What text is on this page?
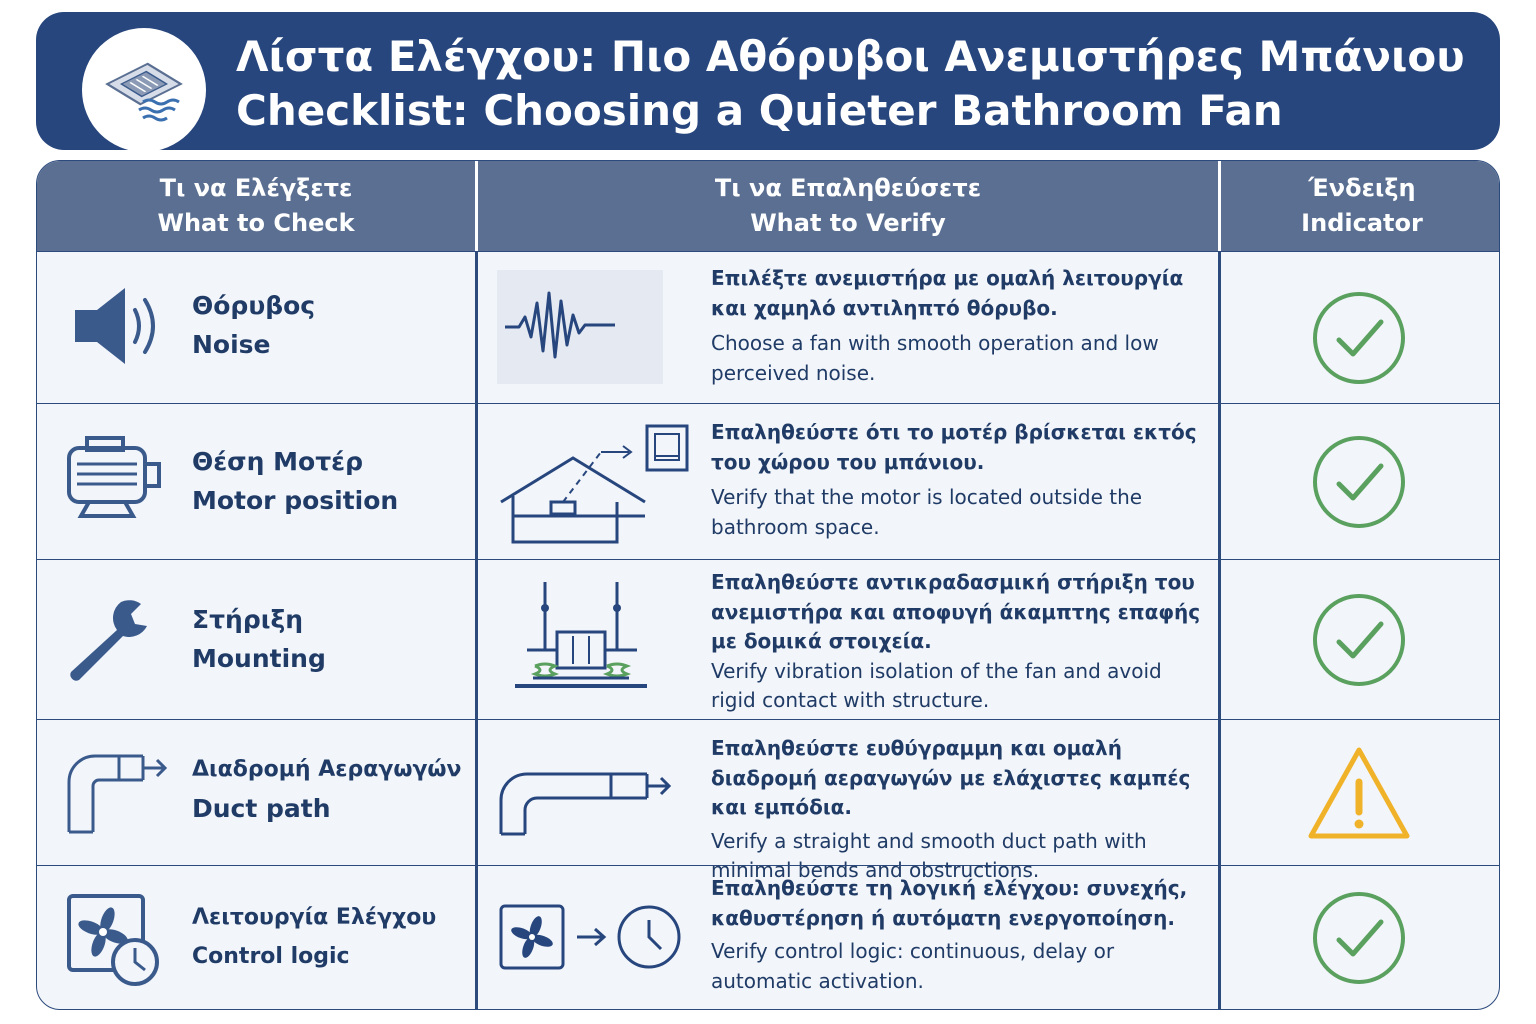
Λίστα Ελέγχου: Πιο Αθόρυβοι Ανεμιστήρες Μπάνιου
Checklist: Choosing a Quieter Bathroom Fan
Τι να Ελέγξετε
What to Check
Τι να Επαληθεύσετε
What to Verify
Ένδειξη
Indicator
Θόρυβος
Noise
Επιλέξτε ανεμιστήρα με ομαλή λειτουργία και χαμηλό αντιληπτό θόρυβο.
Choose a fan with smooth operation and low perceived noise.
Θέση Μοτέρ
Motor position
Επαληθεύστε ότι το μοτέρ βρίσκεται εκτός του χώρου του μπάνιου.
Verify that the motor is located outside the bathroom space.
Στήριξη
Mounting
Επαληθεύστε αντικραδασμική στήριξη του ανεμιστήρα και αποφυγή άκαμπτης επαφής με δομικά στοιχεία.
Verify vibration isolation of the fan and avoid rigid contact with structure.
Διαδρομή Αεραγωγών
Duct path
Επαληθεύστε ευθύγραμμη και ομαλή διαδρομή αεραγωγών με ελάχιστες καμπές και εμπόδια.
Verify a straight and smooth duct path with minimal bends and obstructions.
Λειτουργία Ελέγχου
Control logic
Επαληθεύστε τη λογική ελέγχου: συνεχής, καθυστέρηση ή αυτόματη ενεργοποίηση.
Verify control logic: continuous, delay or automatic activation.
